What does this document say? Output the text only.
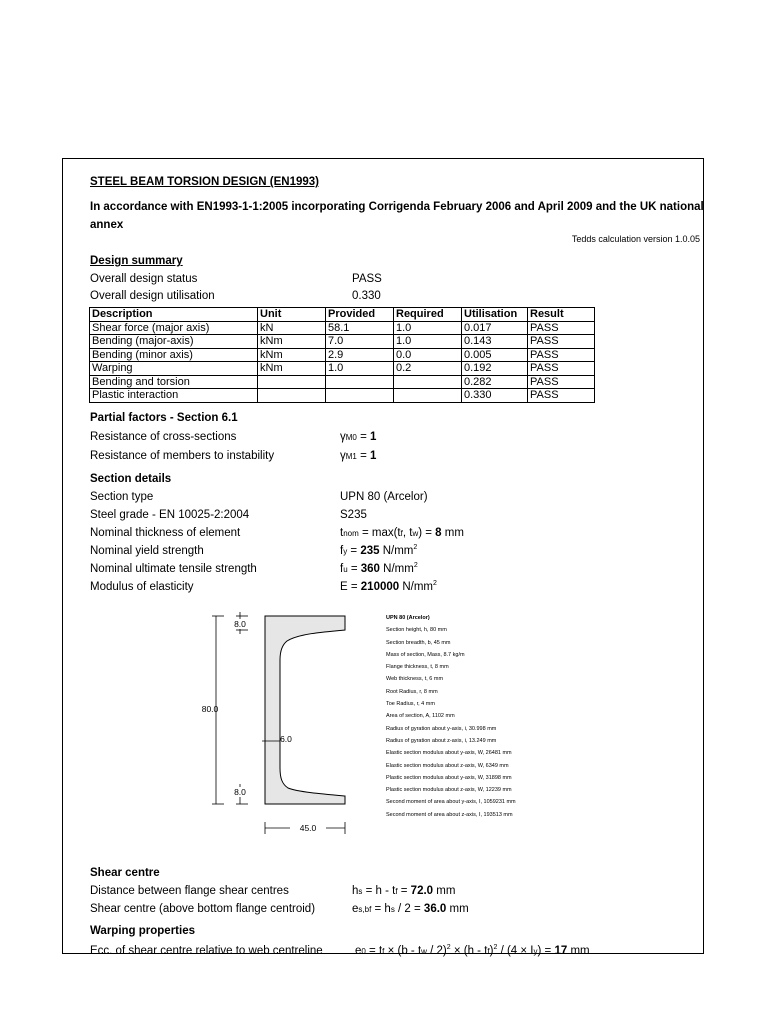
STEEL BEAM TORSION DESIGN (EN1993)
In accordance with EN1993-1-1:2005 incorporating Corrigenda February 2006 and April 2009 and the UK national annex
Tedds calculation version 1.0.05
Design summary
Overall design status	PASS
Overall design utilisation	0.330
Description	Unit	Provided	Required	Utilisation	Result
Shear force (major axis)	kN	58.1	1.0	0.017	PASS
Bending (major-axis)	kNm	7.0	1.0	0.143	PASS
Bending (minor axis)	kNm	2.9	0.0	0.005	PASS
Warping	kNm	1.0	0.2	0.192	PASS
Bending and torsion				0.282	PASS
Plastic interaction				0.330	PASS
Partial factors - Section 6.1
Resistance of cross-sections	γM0 = 1
Resistance of members to instability	γM1 = 1
Section details
Section type	UPN 80 (Arcelor)
Steel grade - EN 10025-2:2004	S235
Nominal thickness of element	tnom = max(tf, tw) = 8 mm
Nominal yield strength	fy = 235 $N/mm^2$
Nominal ultimate tensile strength	fu = 360 $N/mm^2$
Modulus of elasticity	E = 210000 $N/mm^2$
8.0
80.0
6.0
8.0
45.0
UPN 80 (Arcelor)
Section height, h, 80 mm
Section breadth, b, 45 mm
Mass of section, Mass, 8.7 kg/m
Flange thickness, t, 8 mm
Web thickness, t, 6 mm
Root Radius, r, 8 mm
Toe Radius, r, 4 mm
Area of section, A, 1102 mm
Radius of gyration about y-axis, i, 30.998 mm
Radius of gyration about z-axis, i, 13.249 mm
Elastic section modulus about y-axis, W, 26481 mm
Elastic section modulus about z-axis, W, 6349 mm
Plastic section modulus about y-axis, W, 31898 mm
Plastic section modulus about z-axis, W, 12239 mm
Second moment of area about y-axis, I, 1059231 mm
Second moment of area about z-axis, I, 193513 mm
Shear centre
Distance between flange shear centres	hs = h - tf = 72.0 mm
Shear centre (above bottom flange centroid)	es,bf = hs / 2 = 36.0 mm
Warping properties
Ecc. of shear centre relative to web centreline	e0 = tf × (b - tw / 2)$^2$ × (h - tf)$^2$ / (4 × Iy) = 17 mm
